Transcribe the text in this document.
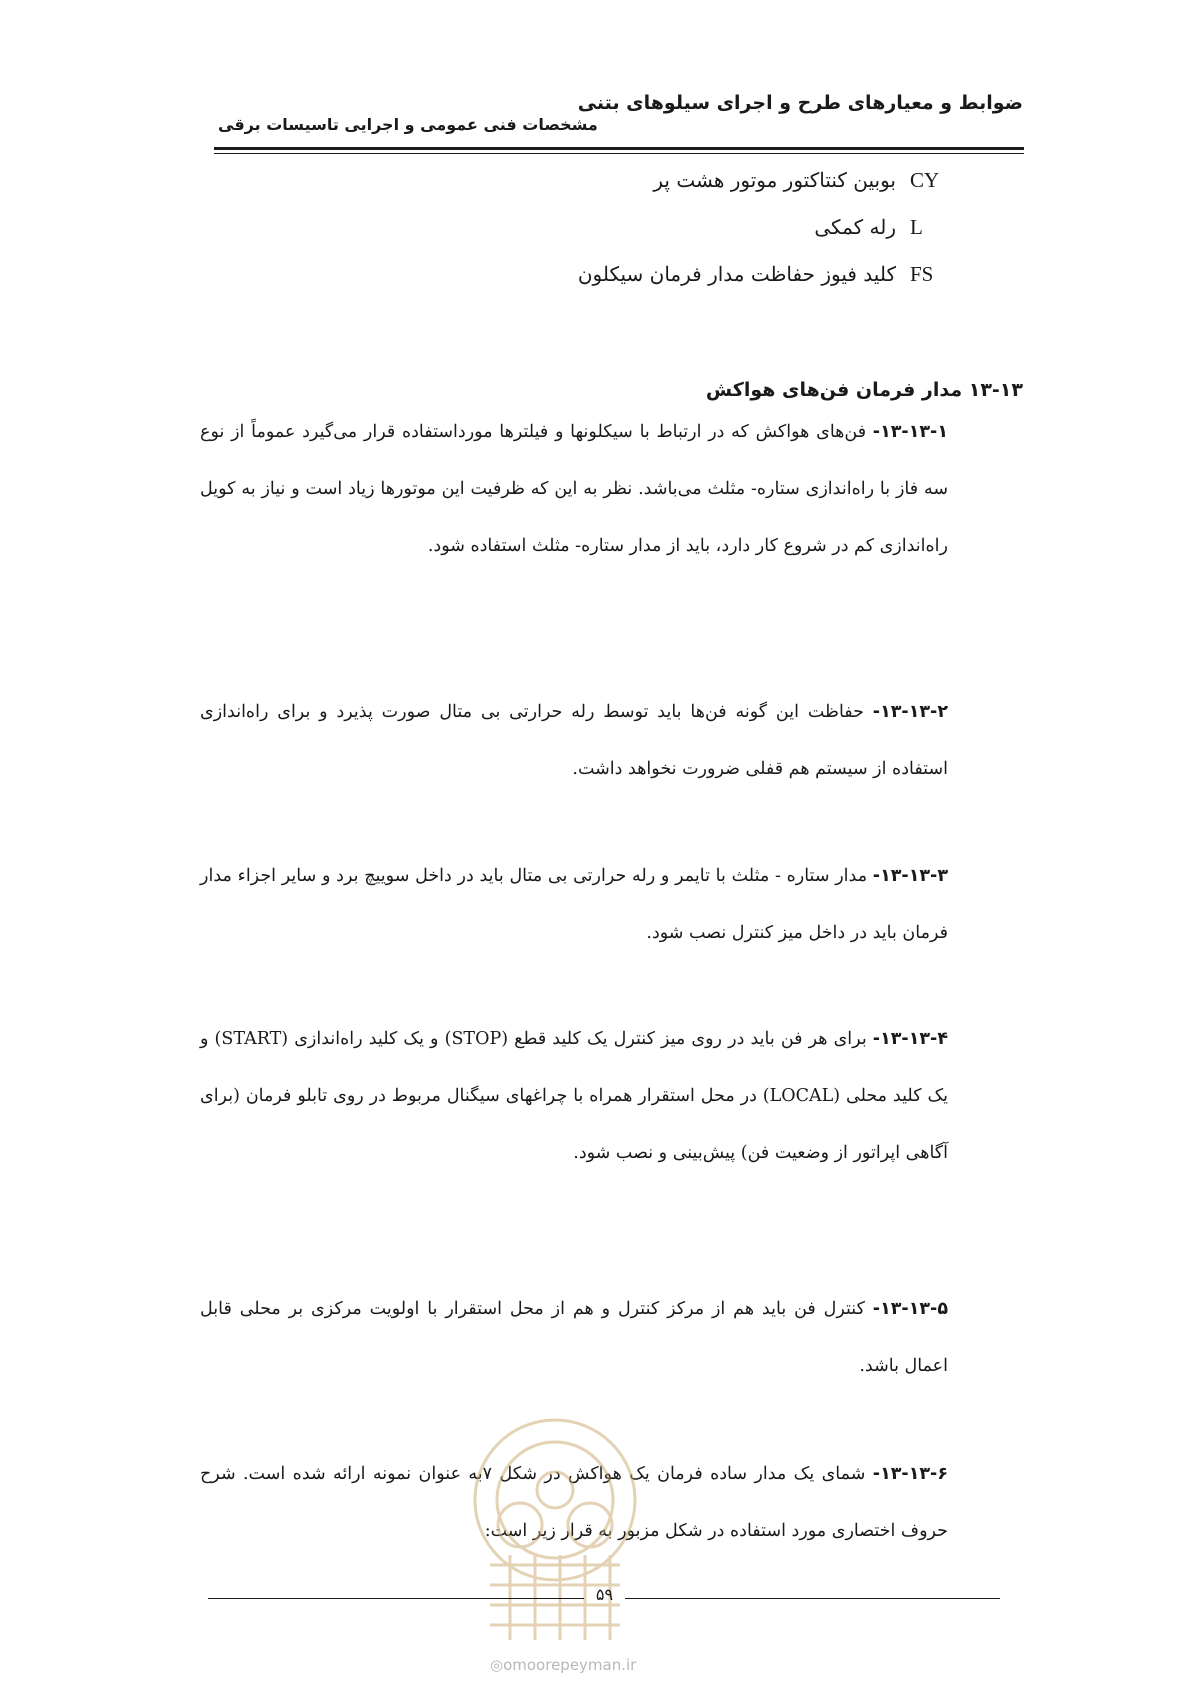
ضوابط و معیارهای طرح و اجرای سیلوهای بتنی
مشخصات فنی عمومی و اجرایی تاسیسات برقی
CYبوبین کنتاکتور موتور هشت پر
Lرله کمکی
FSکلید فیوز حفاظت مدار فرمان سیکلون
۱۳-۱۳ مدار فرمان فن‌های هواکش
۱۳-۱۳-۱- فن‌های هواکش که در ارتباط با سیکلونها و فیلترها مورداستفاده قرار می‌گیرد عموماً از نوع سه فاز با راه‌اندازی ستاره- مثلث می‌باشد. نظر به این که ظرفیت این موتورها زیاد است و نیاز به کویل راه‌اندازی کم در شروع کار دارد، باید از مدار ستاره- مثلث استفاده شود.
۱۳-۱۳-۲- حفاظت این گونه فن‌ها باید توسط رله حرارتی بی متال صورت پذیرد و برای راه‌اندازی استفاده از سیستم هم قفلی ضرورت نخواهد داشت.
۱۳-۱۳-۳- مدار ستاره - مثلث با تایمر و رله حرارتی بی متال باید در داخل سوییچ برد و سایر اجزاء مدار فرمان باید در داخل میز کنترل نصب شود.
۱۳-۱۳-۴- برای هر فن باید در روی میز کنترل یک کلید قطع (STOP) و یک کلید راه‌اندازی (START) و یک کلید محلی (LOCAL) در محل استقرار همراه با چراغهای سیگنال مربوط در روی تابلو فرمان (برای آگاهی اپراتور از وضعیت فن) پیش‌بینی و نصب شود.
۱۳-۱۳-۵- کنترل فن باید هم از مرکز کنترل و هم از محل استقرار با اولویت مرکزی بر محلی قابل اعمال باشد.
۱۳-۱۳-۶- شمای یک مدار ساده فرمان یک هواکش در شکل ۷به عنوان نمونه ارائه شده است. شرح حروف اختصاری مورد استفاده در شکل مزبور به قرار زیر است:
۵۹
◎omoorepeyman.ir
